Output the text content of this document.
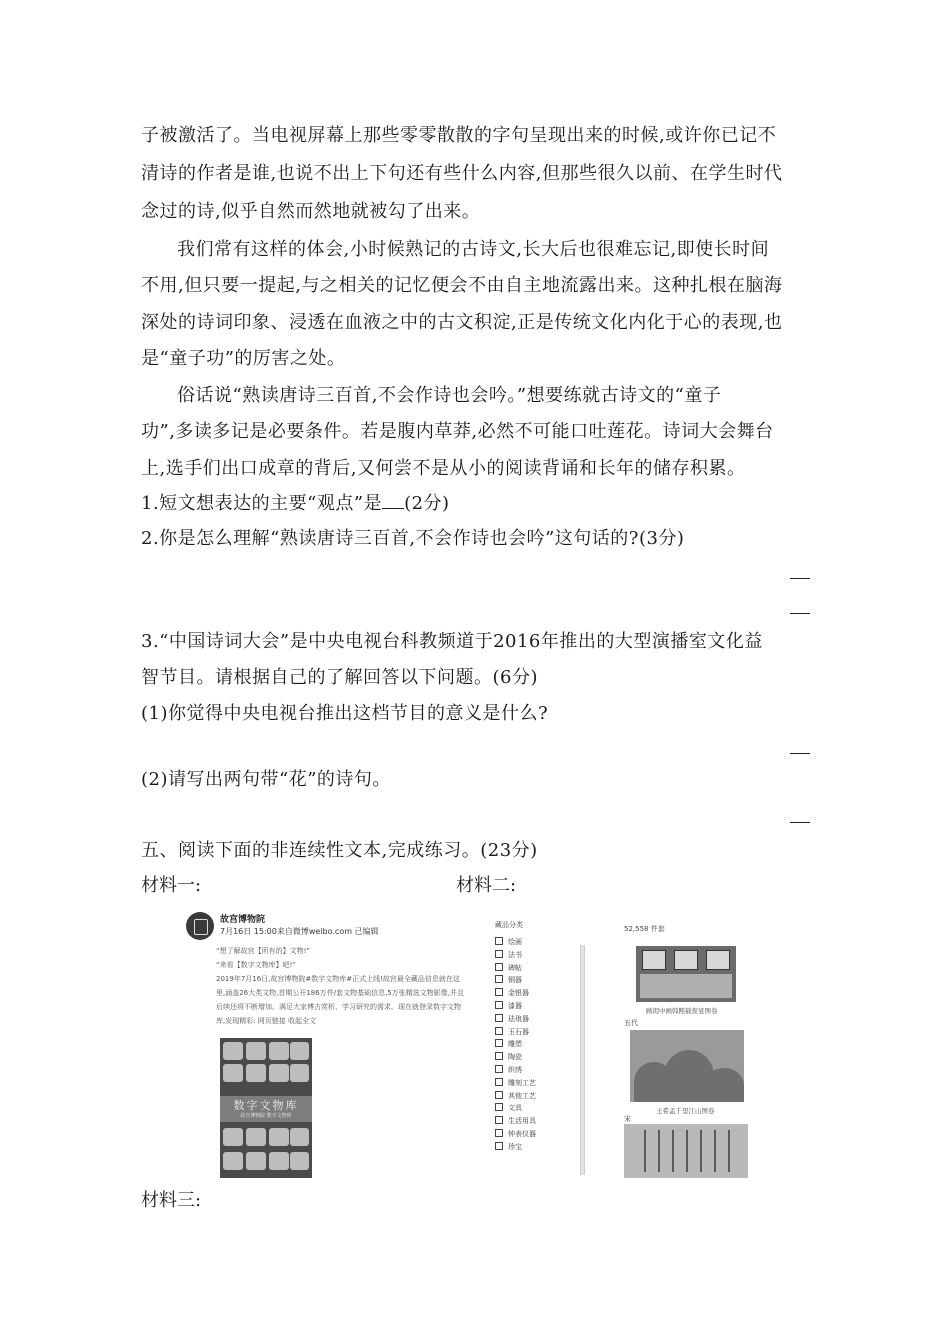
子被激活了。当电视屏幕上那些零零散散的字句呈现出来的时候,或许你已记不
清诗的作者是谁,也说不出上下句还有些什么内容,但那些很久以前、在学生时代
念过的诗,似乎自然而然地就被勾了出来。
我们常有这样的体会,小时候熟记的古诗文,长大后也很难忘记,即使长时间
不用,但只要一提起,与之相关的记忆便会不由自主地流露出来。这种扎根在脑海
深处的诗词印象、浸透在血液之中的古文积淀,正是传统文化内化于心的表现,也
是“童子功”的厉害之处。
俗话说“熟读唐诗三百首,不会作诗也会吟。”想要练就古诗文的“童子
功”,多读多记是必要条件。若是腹内草莽,必然不可能口吐莲花。诗词大会舞台
上,选手们出口成章的背后,又何尝不是从小的阅读背诵和长年的储存积累。
1.短文想表达的主要“观点”是 (2分)
2.你是怎么理解“熟读唐诗三百首,不会作诗也会吟”这句话的?(3分)
3.“中国诗词大会”是中央电视台科教频道于2016年推出的大型演播室文化益
智节目。请根据自己的了解回答以下问题。(6分)
(1)你觉得中央电视台推出这档节目的意义是什么?
(2)请写出两句带“花”的诗句。
五、阅读下面的非连续性文本,完成练习。(23分)
材料一:	材料二:
故宫博物院
7月16日 15:00来自微博weibo.com 已编辑
“想了解故宫【所有的】文物!”
“来看【数字文物库】吧!”
2019年7月16日,故宫博物院#数字文物库#正式上线!故宫最全藏品信息就在这
里,涵盖26大类文物,首期公开186万件/套文物基础信息,5万张精选文物影像,并且
后续还将不断增加。满足大家博古赏析、学习研究的需求。现在就登录数字文物
库,发现精彩: 网页链接 收起全文
数字文物库
故宫博物院 数字文物库
藏品分类
绘画
法书
碑帖
铜器
金银器
漆器
珐琅器
玉石器
雕塑
陶瓷
织绣
雕刻工艺
其他工艺
文具
生活用具
钟表仪器
珍宝
52,558 件套
顾闳中画韩熙载夜宴图卷
五代
王希孟千里江山图卷
宋
材料三:
